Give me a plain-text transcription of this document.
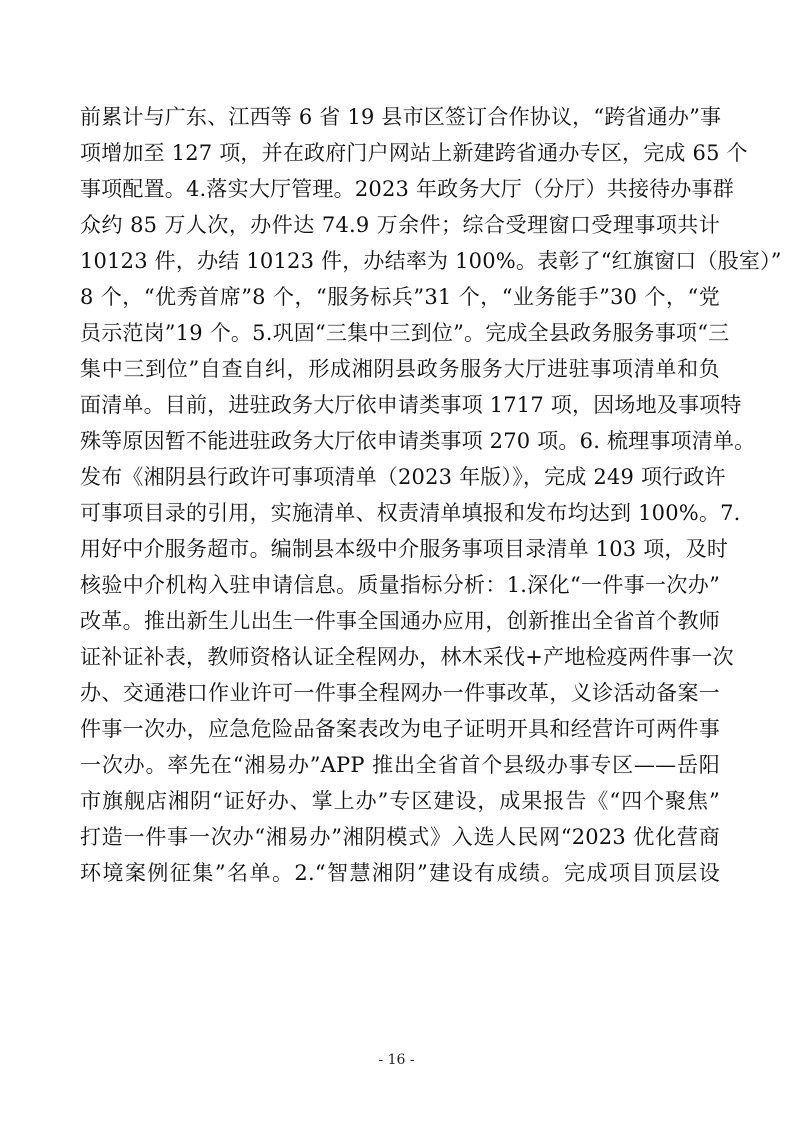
前累计与广东、江西等 6 省 19 县市区签订合作协议，“跨省通办”事
项增加至 127 项，并在政府门户网站上新建跨省通办专区，完成 65 个
事项配置。4.落实大厅管理。2023 年政务大厅（分厅）共接待办事群
众约 85 万人次，办件达 74.9 万余件；综合受理窗口受理事项共计
10123 件，办结 10123 件，办结率为 100%。表彰了“红旗窗口（股室）”
8 个，“优秀首席”8 个，“服务标兵”31 个，“业务能手”30 个，“党
员示范岗”19 个。5.巩固“三集中三到位”。完成全县政务服务事项“三
集中三到位”自查自纠，形成湘阴县政务服务大厅进驻事项清单和负
面清单。目前，进驻政务大厅依申请类事项 1717 项，因场地及事项特
殊等原因暂不能进驻政务大厅依申请类事项 270 项。6. 梳理事项清单。
发布《湘阴县行政许可事项清单（2023 年版）》，完成 249 项行政许
可事项目录的引用，实施清单、权责清单填报和发布均达到 100%。7.
用好中介服务超市。编制县本级中介服务事项目录清单 103 项，及时
核验中介机构入驻申请信息。质量指标分析：1.深化“一件事一次办”
改革。推出新生儿出生一件事全国通办应用，创新推出全省首个教师
证补证补表，教师资格认证全程网办，林木采伐+产地检疫两件事一次
办、交通港口作业许可一件事全程网办一件事改革，义诊活动备案一
件事一次办，应急危险品备案表改为电子证明开具和经营许可两件事
一次办。率先在“湘易办”APP 推出全省首个县级办事专区——岳阳
市旗舰店湘阴“证好办、掌上办”专区建设，成果报告《“四个聚焦”
打造一件事一次办“湘易办”湘阴模式》入选人民网“2023 优化营商
环境案例征集”名单。2.“智慧湘阴”建设有成绩。完成项目顶层设
- 16 -
